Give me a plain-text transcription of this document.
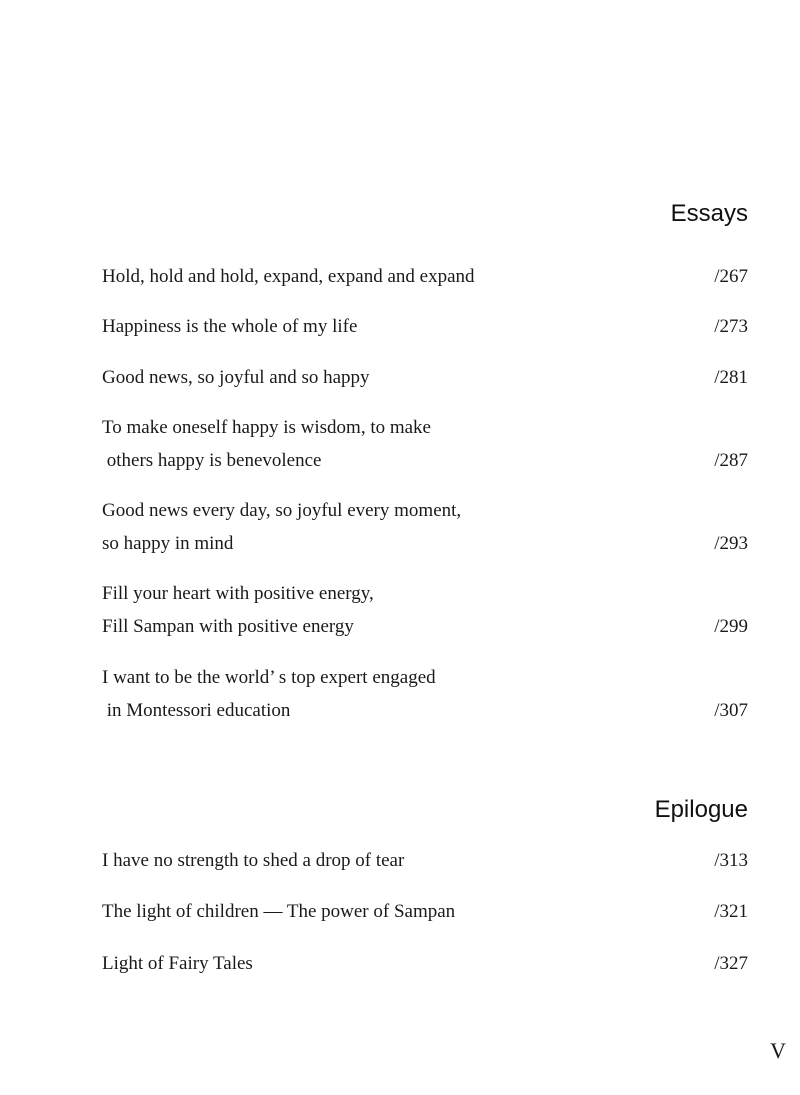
Essays
Hold, hold and hold, expand, expand and expand	/267
Happiness is the whole of my life	/273
Good news, so joyful and so happy	/281
To make oneself happy is wisdom, to make
others happy is benevolence	/287
Good news every day, so joyful every moment,
so happy in mind	/293
Fill your heart with positive energy,
Fill Sampan with positive energy	/299
I want to be the world’ s top expert engaged
in Montessori education	/307
Epilogue
I have no strength to shed a drop of tear	/313
The light of children — The power of Sampan	/321
Light of Fairy Tales	/327
V
